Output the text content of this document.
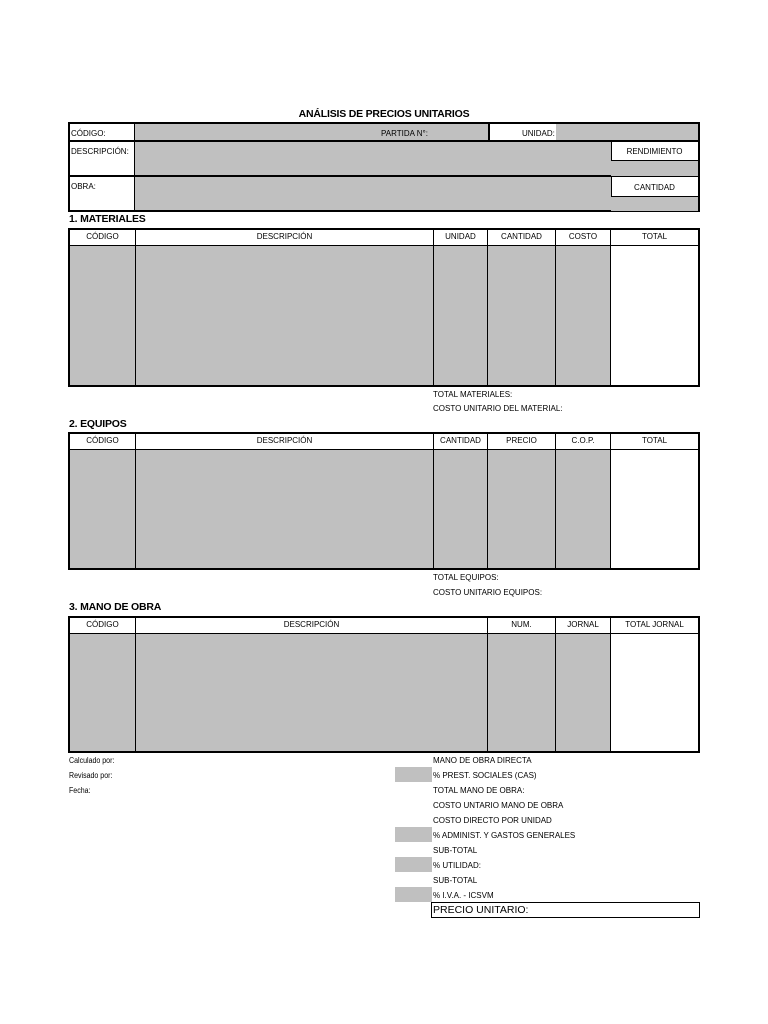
ANÁLISIS DE PRECIOS UNITARIOS
CÓDIGO:	PARTIDA N°:	UNIDAD:
DESCRIPCIÓN:	RENDIMIENTO
OBRA:	CANTIDAD
1. MATERIALES
CÓDIGO	DESCRIPCIÓN	UNIDAD	CANTIDAD	COSTO	TOTAL
TOTAL MATERIALES:
COSTO UNITARIO DEL MATERIAL:
2. EQUIPOS
CÓDIGO	DESCRIPCIÓN	CANTIDAD	PRECIO	C.O.P.	TOTAL
TOTAL EQUIPOS:
COSTO UNITARIO EQUIPOS:
3. MANO DE OBRA
CÓDIGO	DESCRIPCIÓN	NUM.	JORNAL	TOTAL JORNAL
Calculado por:
Revisado por:
Fecha:
MANO DE OBRA DIRECTA
% PREST. SOCIALES (CAS)
TOTAL MANO DE OBRA:
COSTO UNTARIO MANO DE OBRA
COSTO DIRECTO POR UNIDAD
% ADMINIST. Y GASTOS GENERALES
SUB-TOTAL
% UTILIDAD:
SUB-TOTAL
% I.V.A. - ICSVM
PRECIO UNITARIO:
